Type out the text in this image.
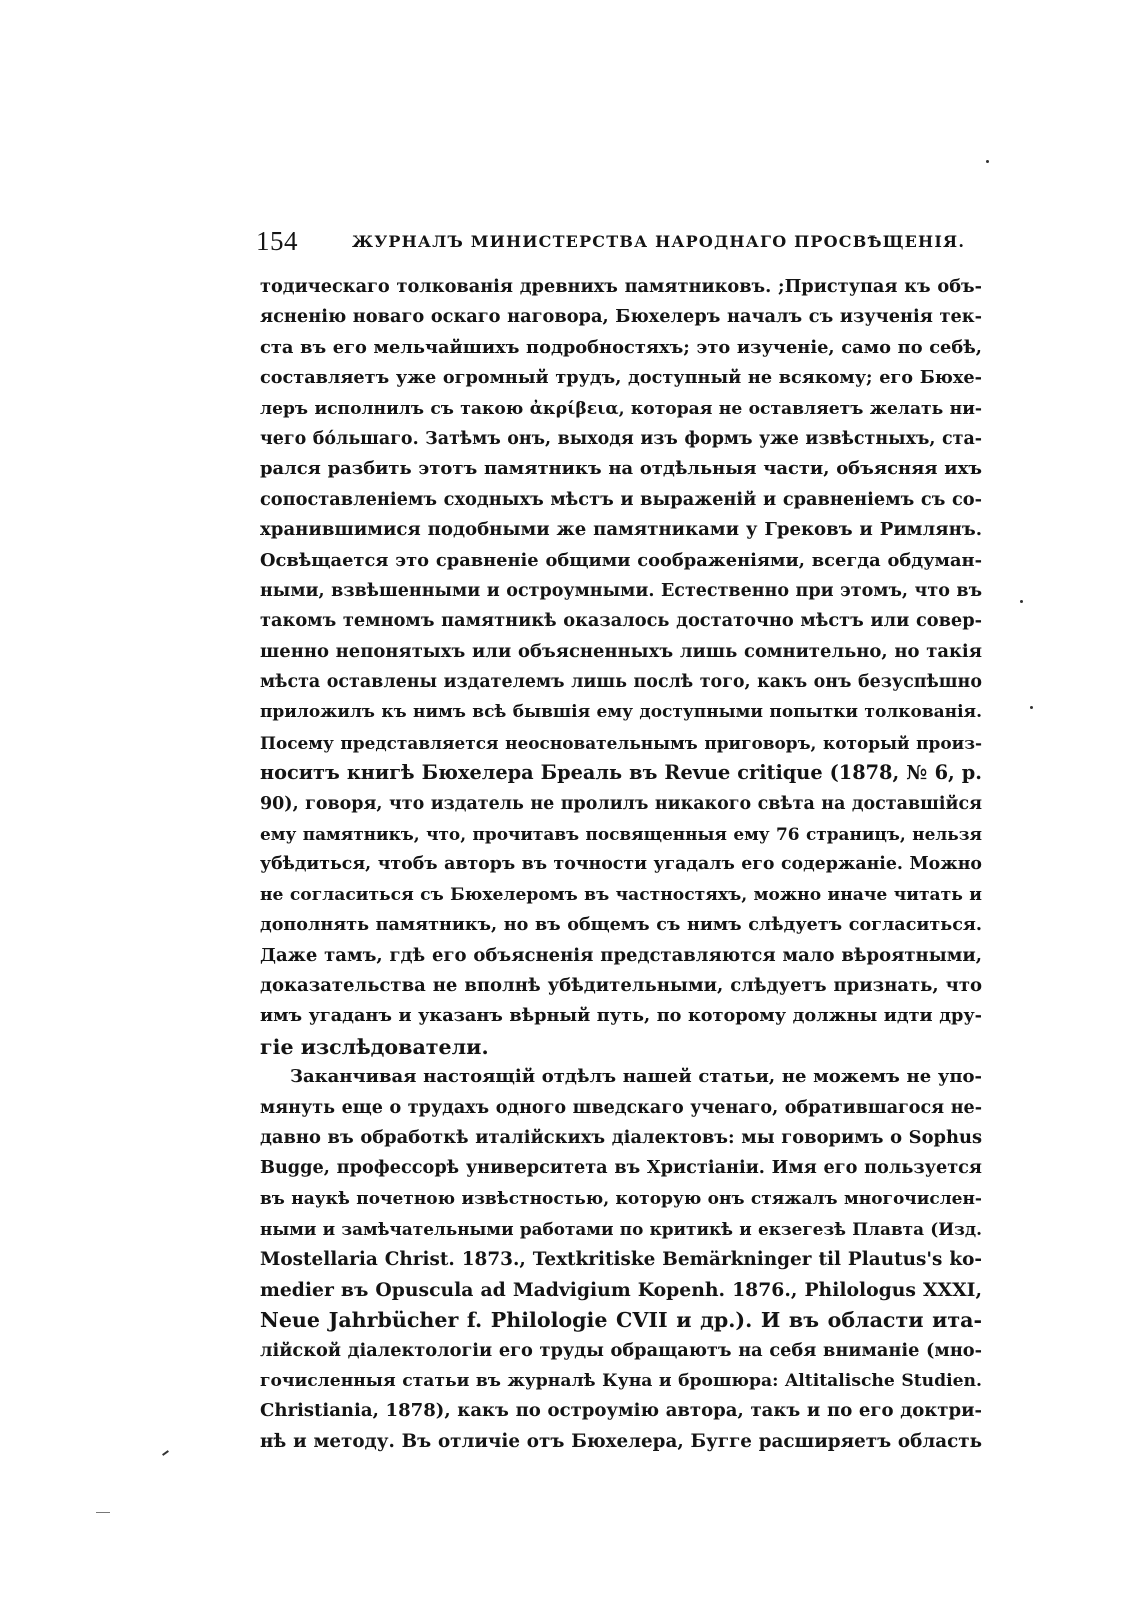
154	ЖУРНАЛЪ МИНИСТЕРСТВА НАРОДНАГО ПРОСВѢЩЕНІЯ.
тодическаго толкованія древнихъ памятниковъ. ;Приступая къ объ-
ясненію новаго оскаго наговора, Бюхелеръ началъ съ изученія тек-
ста въ его мельчайшихъ подробностяхъ; это изученіе, само по себѣ,
составляетъ уже огромный трудъ, доступный не всякому; его Бюхе-
леръ исполнилъ съ такою ἀκρίβεια, которая не оставляетъ желать ни-
чего бо́льшаго. Затѣмъ онъ, выходя изъ формъ уже извѣстныхъ, ста-
рался разбить этотъ памятникъ на отдѣльныя части, объясняя ихъ
сопоставленіемъ сходныхъ мѣстъ и выраженій и сравненіемъ съ со-
хранившимися подобными же памятниками у Грековъ и Римлянъ.
Освѣщается это сравненіе общими соображеніями, всегда обдуман-
ными, взвѣшенными и остроумными. Естественно при этомъ, что въ
такомъ темномъ памятникѣ оказалось достаточно мѣстъ или совер-
шенно непонятыхъ или объясненныхъ лишь сомнительно, но такія
мѣста оставлены издателемъ лишь послѣ того, какъ онъ безуспѣшно
приложилъ къ нимъ всѣ бывшія ему доступными попытки толкованія.
Посему представляется неосновательнымъ приговоръ, который произ-
носитъ книгѣ Бюхелера Бреаль въ Revue critique (1878, № 6, p.
90), говоря, что издатель не пролилъ никакого свѣта на доставшійся
ему памятникъ, что, прочитавъ посвященныя ему 76 страницъ, нельзя
убѣдиться, чтобъ авторъ въ точности угадалъ его содержаніе. Можно
не согласиться съ Бюхелеромъ въ частностяхъ, можно иначе читать и
дополнять памятникъ, но въ общемъ съ нимъ слѣдуетъ согласиться.
Даже тамъ, гдѣ его объясненія представляются мало вѣроятными,
доказательства не вполнѣ убѣдительными, слѣдуетъ признать, что
имъ угаданъ и указанъ вѣрный путь, по которому должны идти дру-
гіе изслѣдователи.
Заканчивая настоящій отдѣлъ нашей статьи, не можемъ не упо-
мянуть еще о трудахъ одного шведскаго ученаго, обратившагося не-
давно въ обработкѣ италійскихъ діалектовъ: мы говоримъ о Sophus
Bugge, профессорѣ университета въ Христіаніи. Имя его пользуется
въ наукѣ почетною извѣстностью, которую онъ стяжалъ многочислен-
ными и замѣчательными работами по критикѣ и екзегезѣ Плавта (Изд.
Mostellaria Christ. 1873., Textkritiske Bemärkninger til Plautus's ko-
medier въ Opuscula ad Madvigium Kopenh. 1876., Philologus XXXI,
Neue Jahrbücher f. Philologie CVII и др.). И въ области ита-
лійской діалектологіи его труды обращаютъ на себя вниманіе (мно-
гочисленныя статьи въ журналѣ Куна и брошюра: Altitalische Studien.
Christiania, 1878), какъ по остроумію автора, такъ и по его доктри-
нѣ и методу. Въ отличіе отъ Бюхелера, Бугге расширяетъ область
